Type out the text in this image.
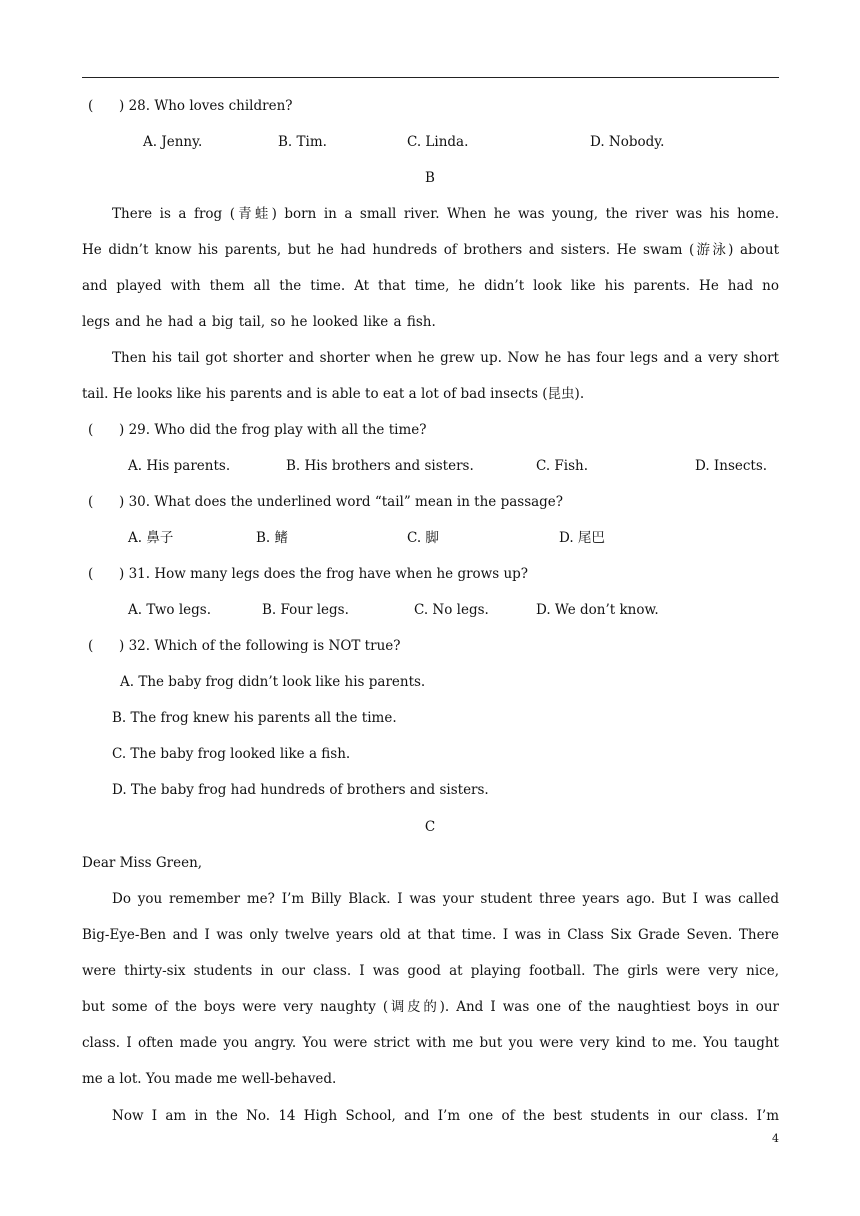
(      ) 28. Who loves children?
A. Jenny.	B. Tim.	C. Linda.	D. Nobody.
B
There is a frog (青蛙) born in a small river. When he was young, the river was his home.
He didn’t know his parents, but he had hundreds of brothers and sisters. He swam (游泳) about
and played with them all the time. At that time, he didn’t look like his parents. He had no
legs and he had a big tail, so he looked like a fish.
Then his tail got shorter and shorter when he grew up. Now he has four legs and a very short
tail. He looks like his parents and is able to eat a lot of bad insects (昆虫).
(      ) 29. Who did the frog play with all the time?
A. His parents.	B. His brothers and sisters.	C. Fish.	D. Insects.
(      ) 30. What does the underlined word “tail” mean in the passage?
A. 鼻子	B. 鳍	C. 脚	D. 尾巴
(      ) 31. How many legs does the frog have when he grows up?
A. Two legs.	B. Four legs.	C. No legs.	D. We don’t know.
(      ) 32. Which of the following is NOT true?
A. The baby frog didn’t look like his parents.
B. The frog knew his parents all the time.
C. The baby frog looked like a fish.
D. The baby frog had hundreds of brothers and sisters.
C
Dear Miss Green,
Do you remember me? I’m Billy Black. I was your student three years ago. But I was called
Big-Eye-Ben and I was only twelve years old at that time. I was in Class Six Grade Seven. There
were thirty-six students in our class. I was good at playing football. The girls were very nice,
but some of the boys were very naughty (调皮的). And I was one of the naughtiest boys in our
class. I often made you angry. You were strict with me but you were very kind to me. You taught
me a lot. You made me well-behaved.
Now I am in the No. 14 High School, and I’m one of the best students in our class. I’m
4
